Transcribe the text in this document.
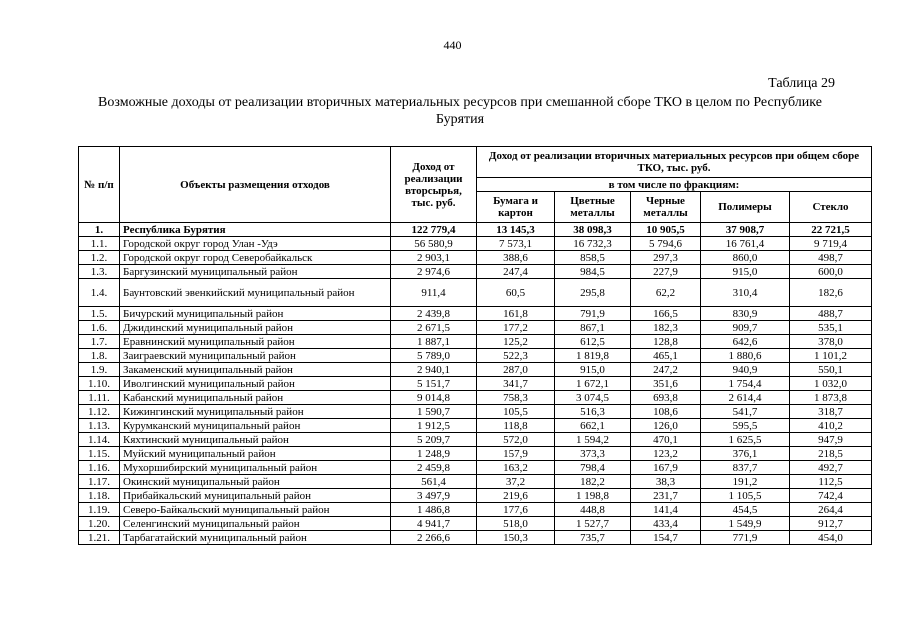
440
Таблица 29
Возможные доходы от реализации вторичных материальных ресурсов при смешанной сборе ТКО в целом по Республике Бурятия
№ п/п	Объекты размещения отходов	Доход от реализации вторсырья, тыс. руб.	Доход от реализации вторичных материальных ресурсов при общем сборе ТКО, тыс. руб.				
			в том числе по фракциям:				
			Бумага и картон	Цветные металлы	Черные металлы	Полимеры	Стекло
1.	Республика Бурятия	122 779,4	13 145,3	38 098,3	10 905,5	37 908,7	22 721,5
1.1.	Городской округ город Улан -Удэ	56 580,9	7 573,1	16 732,3	5 794,6	16 761,4	9 719,4
1.2.	Городской округ город Северобайкальск	2 903,1	388,6	858,5	297,3	860,0	498,7
1.3.	Баргузинский муниципальный район	2 974,6	247,4	984,5	227,9	915,0	600,0
1.4.	Баунтовский эвенкийский муниципальный район	911,4	60,5	295,8	62,2	310,4	182,6
1.5.	Бичурский муниципальный район	2 439,8	161,8	791,9	166,5	830,9	488,7
1.6.	Джидинский муниципальный район	2 671,5	177,2	867,1	182,3	909,7	535,1
1.7.	Еравнинский муниципальный район	1 887,1	125,2	612,5	128,8	642,6	378,0
1.8.	Заиграевский муниципальный район	5 789,0	522,3	1 819,8	465,1	1 880,6	1 101,2
1.9.	Закаменский муниципальный район	2 940,1	287,0	915,0	247,2	940,9	550,1
1.10.	Иволгинский муниципальный район	5 151,7	341,7	1 672,1	351,6	1 754,4	1 032,0
1.11.	Кабанский муниципальный район	9 014,8	758,3	3 074,5	693,8	2 614,4	1 873,8
1.12.	Кижингинский муниципальный район	1 590,7	105,5	516,3	108,6	541,7	318,7
1.13.	Курумканский муниципальный район	1 912,5	118,8	662,1	126,0	595,5	410,2
1.14.	Кяхтинский муниципальный район	5 209,7	572,0	1 594,2	470,1	1 625,5	947,9
1.15.	Муйский муниципальный район	1 248,9	157,9	373,3	123,2	376,1	218,5
1.16.	Мухоршибирский муниципальный район	2 459,8	163,2	798,4	167,9	837,7	492,7
1.17.	Окинский муниципальный район	561,4	37,2	182,2	38,3	191,2	112,5
1.18.	Прибайкальский муниципальный район	3 497,9	219,6	1 198,8	231,7	1 105,5	742,4
1.19.	Северо-Байкальский муниципальный район	1 486,8	177,6	448,8	141,4	454,5	264,4
1.20.	Селенгинский муниципальный район	4 941,7	518,0	1 527,7	433,4	1 549,9	912,7
1.21.	Тарбагатайский муниципальный район	2 266,6	150,3	735,7	154,7	771,9	454,0
